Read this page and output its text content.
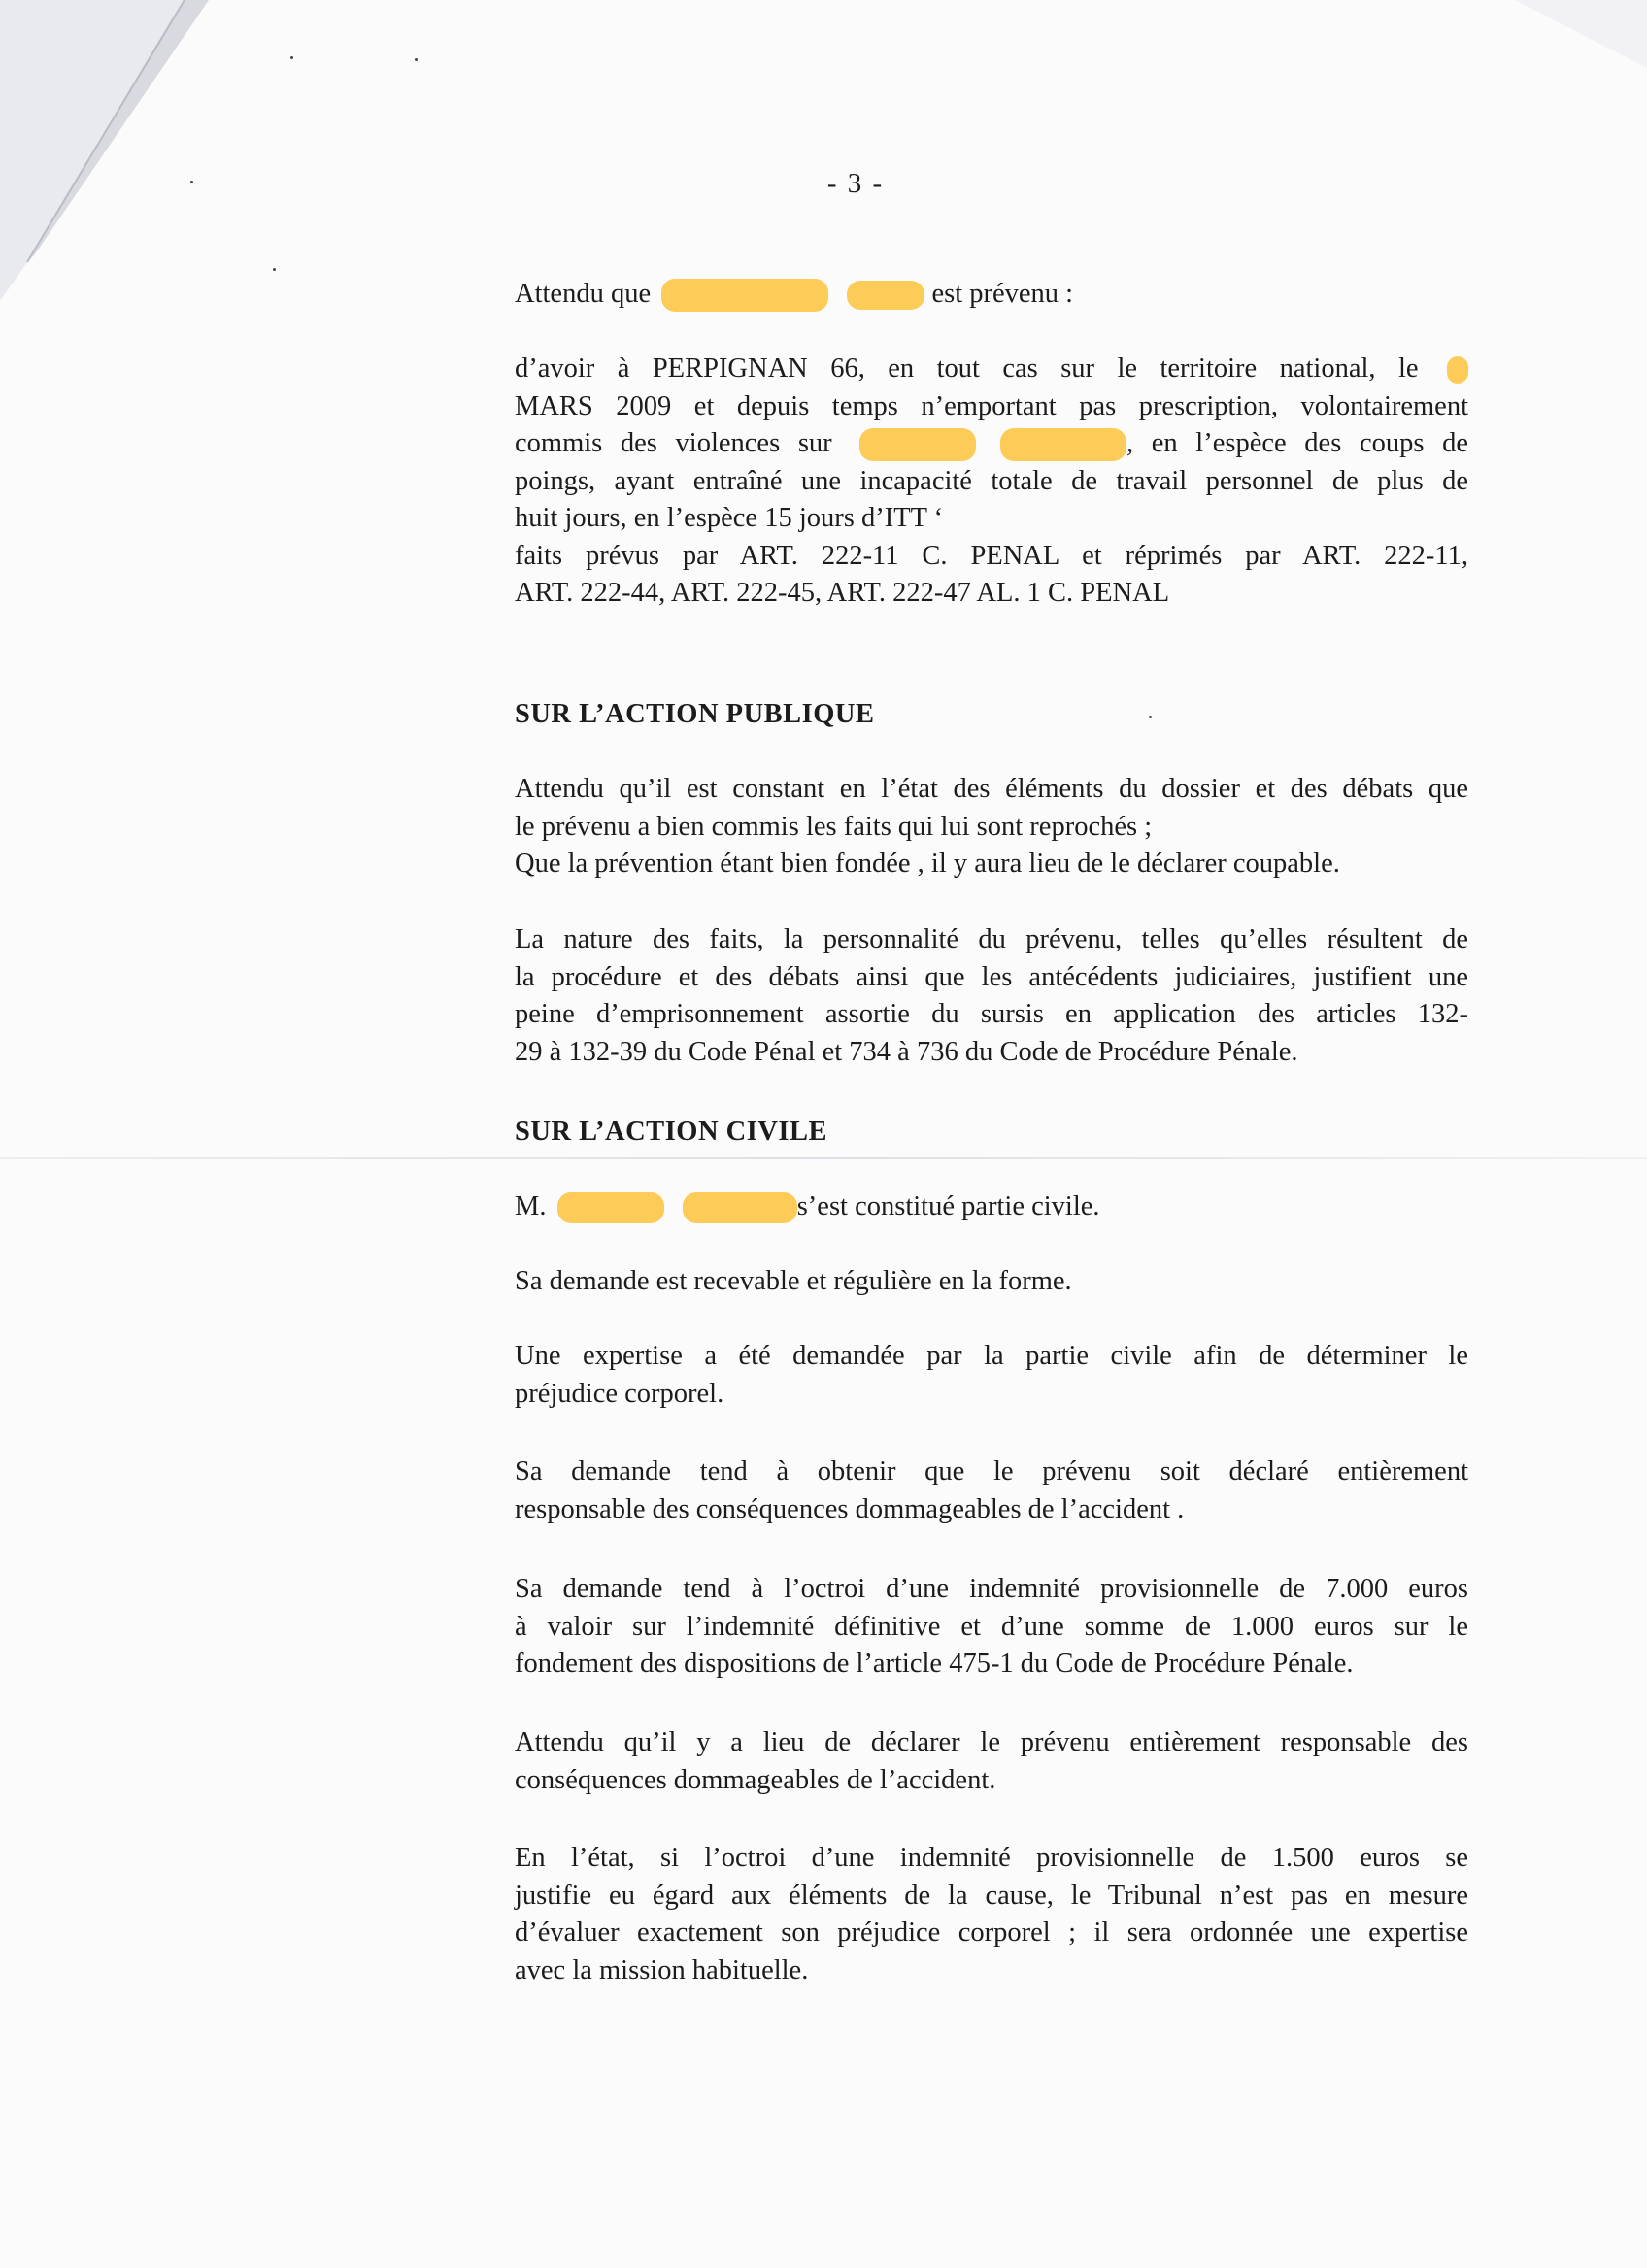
- 3 -
Attendu que	est prévenu :
d’avoir à PERPIGNAN 66, en tout cas sur le territoire national, le
MARS 2009 et depuis temps n’emportant pas prescription, volontairement
commis des violences sur	, en l’espèce des coups de
poings, ayant entraîné une incapacité totale de travail personnel de plus de
huit jours, en l’espèce 15 jours d’ITT ‘
faits prévus par ART. 222-11 C. PENAL et réprimés par ART. 222-11,
ART. 222-44, ART. 222-45, ART. 222-47 AL. 1 C. PENAL
SUR L’ACTION PUBLIQUE
Attendu qu’il est constant en l’état des éléments du dossier et des débats que
le prévenu a bien commis les faits qui lui sont reprochés ;
Que la prévention étant bien fondée , il y aura lieu de le déclarer coupable.
La nature des faits, la personnalité du prévenu, telles qu’elles résultent de
la procédure et des débats ainsi que les antécédents judiciaires, justifient une
peine d’emprisonnement assortie du sursis en application des articles 132-
29 à 132-39 du Code Pénal et 734 à 736 du Code de Procédure Pénale.
SUR L’ACTION CIVILE
M.	s’est constitué partie civile.
Sa demande est recevable et régulière en la forme.
Une expertise a été demandée par la partie civile afin de déterminer le
préjudice corporel.
Sa demande tend à obtenir que le prévenu soit déclaré entièrement
responsable des conséquences dommageables de l’accident .
Sa demande tend à l’octroi d’une indemnité provisionnelle de 7.000 euros
à valoir sur l’indemnité définitive et d’une somme de 1.000 euros sur le
fondement des dispositions de l’article 475-1 du Code de Procédure Pénale.
Attendu qu’il y a lieu de déclarer le prévenu entièrement responsable des
conséquences dommageables de l’accident.
En l’état, si l’octroi d’une indemnité provisionnelle de 1.500 euros se
justifie eu égard aux éléments de la cause, le Tribunal n’est pas en mesure
d’évaluer exactement son préjudice corporel ; il sera ordonnée une expertise
avec la mission habituelle.
